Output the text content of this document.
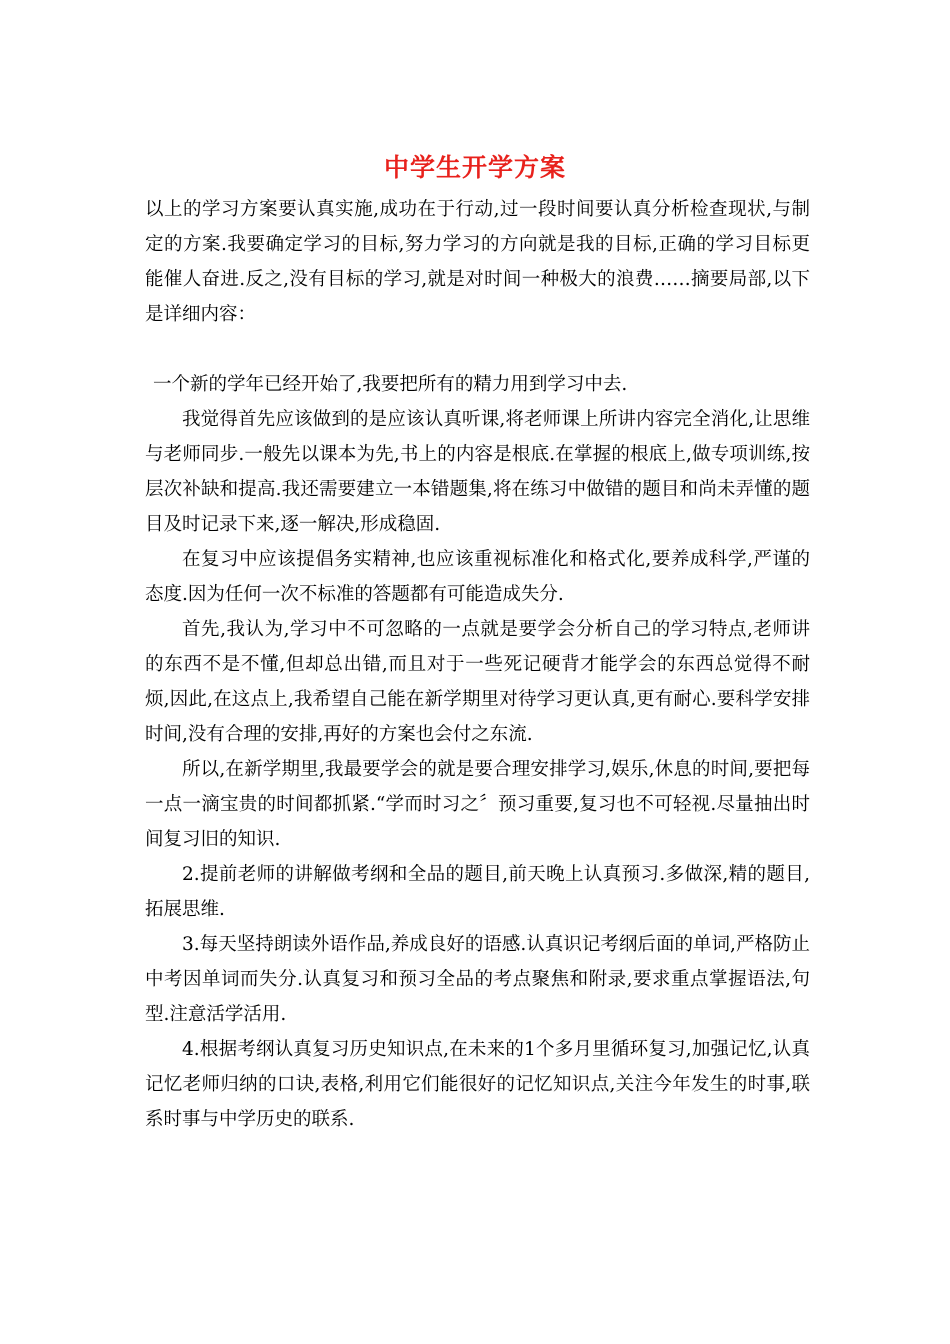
中学生开学方案

以上的学习方案要认真实施,成功在于行动,过一段时间要认真分析检查现状,与制定的方案.我要确定学习的目标,努力学习的方向就是我的目标,正确的学习目标更能催人奋进.反之,没有目标的学习,就是对时间一种极大的浪费……摘要局部,以下是详细内容：

一个新的学年已经开始了,我要把所有的精力用到学习中去.

我觉得首先应该做到的是应该认真听课,将老师课上所讲内容完全消化,让思维与老师同步.一般先以课本为先,书上的内容是根底.在掌握的根底上,做专项训练,按层次补缺和提高.我还需要建立一本错题集,将在练习中做错的题目和尚未弄懂的题目及时记录下来,逐一解决,形成稳固.

在复习中应该提倡务实精神,也应该重视标准化和格式化,要养成科学,严谨的态度.因为任何一次不标准的答题都有可能造成失分.

首先,我认为,学习中不可忽略的一点就是要学会分析自己的学习特点,老师讲的东西不是不懂,但却总出错,而且对于一些死记硬背才能学会的东西总觉得不耐烦,因此,在这点上,我希望自己能在新学期里对待学习更认真,更有耐心.要科学安排时间,没有合理的安排,再好的方案也会付之东流.

所以,在新学期里,我最要学会的就是要合理安排学习,娱乐,休息的时间,要把每一点一滴宝贵的时间都抓紧.“学而时习之〞预习重要,复习也不可轻视.尽量抽出时间复习旧的知识.

2.提前老师的讲解做考纲和全品的题目,前天晚上认真预习.多做深,精的题目,拓展思维.

3.每天坚持朗读外语作品,养成良好的语感.认真识记考纲后面的单词,严格防止中考因单词而失分.认真复习和预习全品的考点聚焦和附录,要求重点掌握语法,句型.注意活学活用.

4.根据考纲认真复习历史知识点,在未来的1个多月里循环复习,加强记忆,认真记忆老师归纳的口诀,表格,利用它们能很好的记忆知识点,关注今年发生的时事,联系时事与中学历史的联系.
